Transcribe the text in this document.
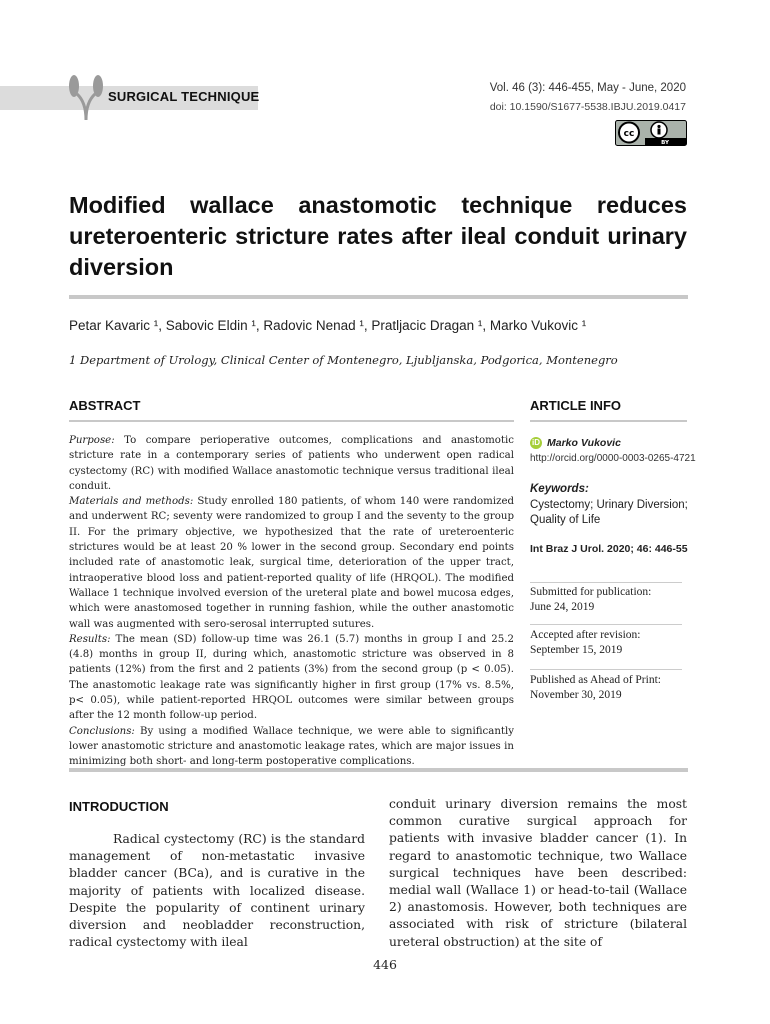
SURGICAL TECHNIQUE
Vol. 46 (3): 446-455, May - June, 2020
doi: 10.1590/S1677-5538.IBJU.2019.0417
cc
BY
Modified wallace anastomotic technique reduces ureteroenteric stricture rates after ileal conduit urinary diversion
Petar Kavaric ¹, Sabovic Eldin ¹, Radovic Nenad ¹, Pratljacic Dragan ¹, Marko Vukovic ¹
1 Department of Urology, Clinical Center of Montenegro, Ljubljanska, Podgorica, Montenegro
ABSTRACT	ARTICLE INFO

Purpose: To compare perioperative outcomes, complications and anastomotic stricture rate in a contemporary series of patients who underwent open radical cystectomy (RC) with modified Wallace anastomotic technique versus traditional ileal conduit.

Materials and methods: Study enrolled 180 patients, of whom 140 were randomized and underwent RC; seventy were randomized to group I and the seventy to the group II. For the primary objective, we hypothesized that the rate of ureteroenteric strictures would be at least 20 % lower in the second group. Secondary end points included rate of anastomotic leak, surgical time, deterioration of the upper tract, intraoperative blood loss and patient-reported quality of life (HRQOL). The modified Wallace 1 technique involved eversion of the ureteral plate and bowel mucosa edges, which were anastomosed together in running fashion, while the outher anastomotic wall was augmented with sero-serosal interrupted sutures.

Results: The mean (SD) follow-up time was 26.1 (5.7) months in group I and 25.2 (4.8) months in group II, during which, anastomotic stricture was observed in 8 patients (12%) from the first and 2 patients (3%) from the second group (p < 0.05). The anastomotic leakage rate was significantly higher in first group (17% vs. 8.5%, p< 0.05), while patient-reported HRQOL outcomes were similar between groups after the 12 month follow-up period.

Conclusions: By using a modified Wallace technique, we were able to significantly lower anastomotic stricture and anastomotic leakage rates, which are major issues in minimizing both short- and long-term postoperative complications.

iD Marko Vukovic
http://orcid.org/0000-0003-0265-4721
Keywords:
Cystectomy; Urinary Diversion; Quality of Life
Int Braz J Urol. 2020; 46: 446-55
Submitted for publication:
June 24, 2019
Accepted after revision:
September 15, 2019
Published as Ahead of Print:
November 30, 2019
INTRODUCTION
Radical cystectomy (RC) is the standard management of non-metastatic invasive bladder cancer (BCa), and is curative in the majority of patients with localized disease. Despite the popularity of continent urinary diversion and neobladder reconstruction, radical cystectomy with ileal
conduit urinary diversion remains the most common curative surgical approach for patients with invasive bladder cancer (1). In regard to anastomotic technique, two Wallace surgical techniques have been described: medial wall (Wallace 1) or head-to-tail (Wallace 2) anastomosis. However, both techniques are associated with risk of stricture (bilateral ureteral obstruction) at the site of
446
